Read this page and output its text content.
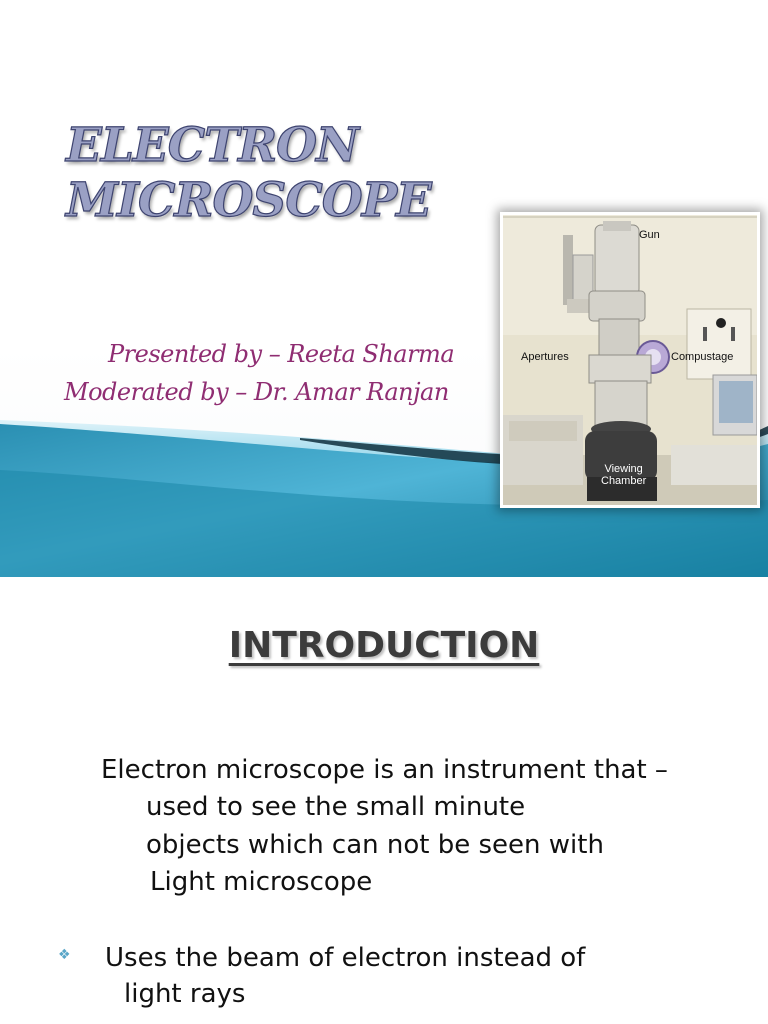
ELECTRON MICROSCOPE

Presented by – Reeta Sharma

Moderated by – Dr. Amar Ranjan

Gun
Apertures	Compustage
Viewing
Chamber
INTRODUCTION

Electron microscope is an instrument that –

used to see the small minute

objects which can not be seen with

Light microscope

❖ Uses the beam of electron instead of

light rays
